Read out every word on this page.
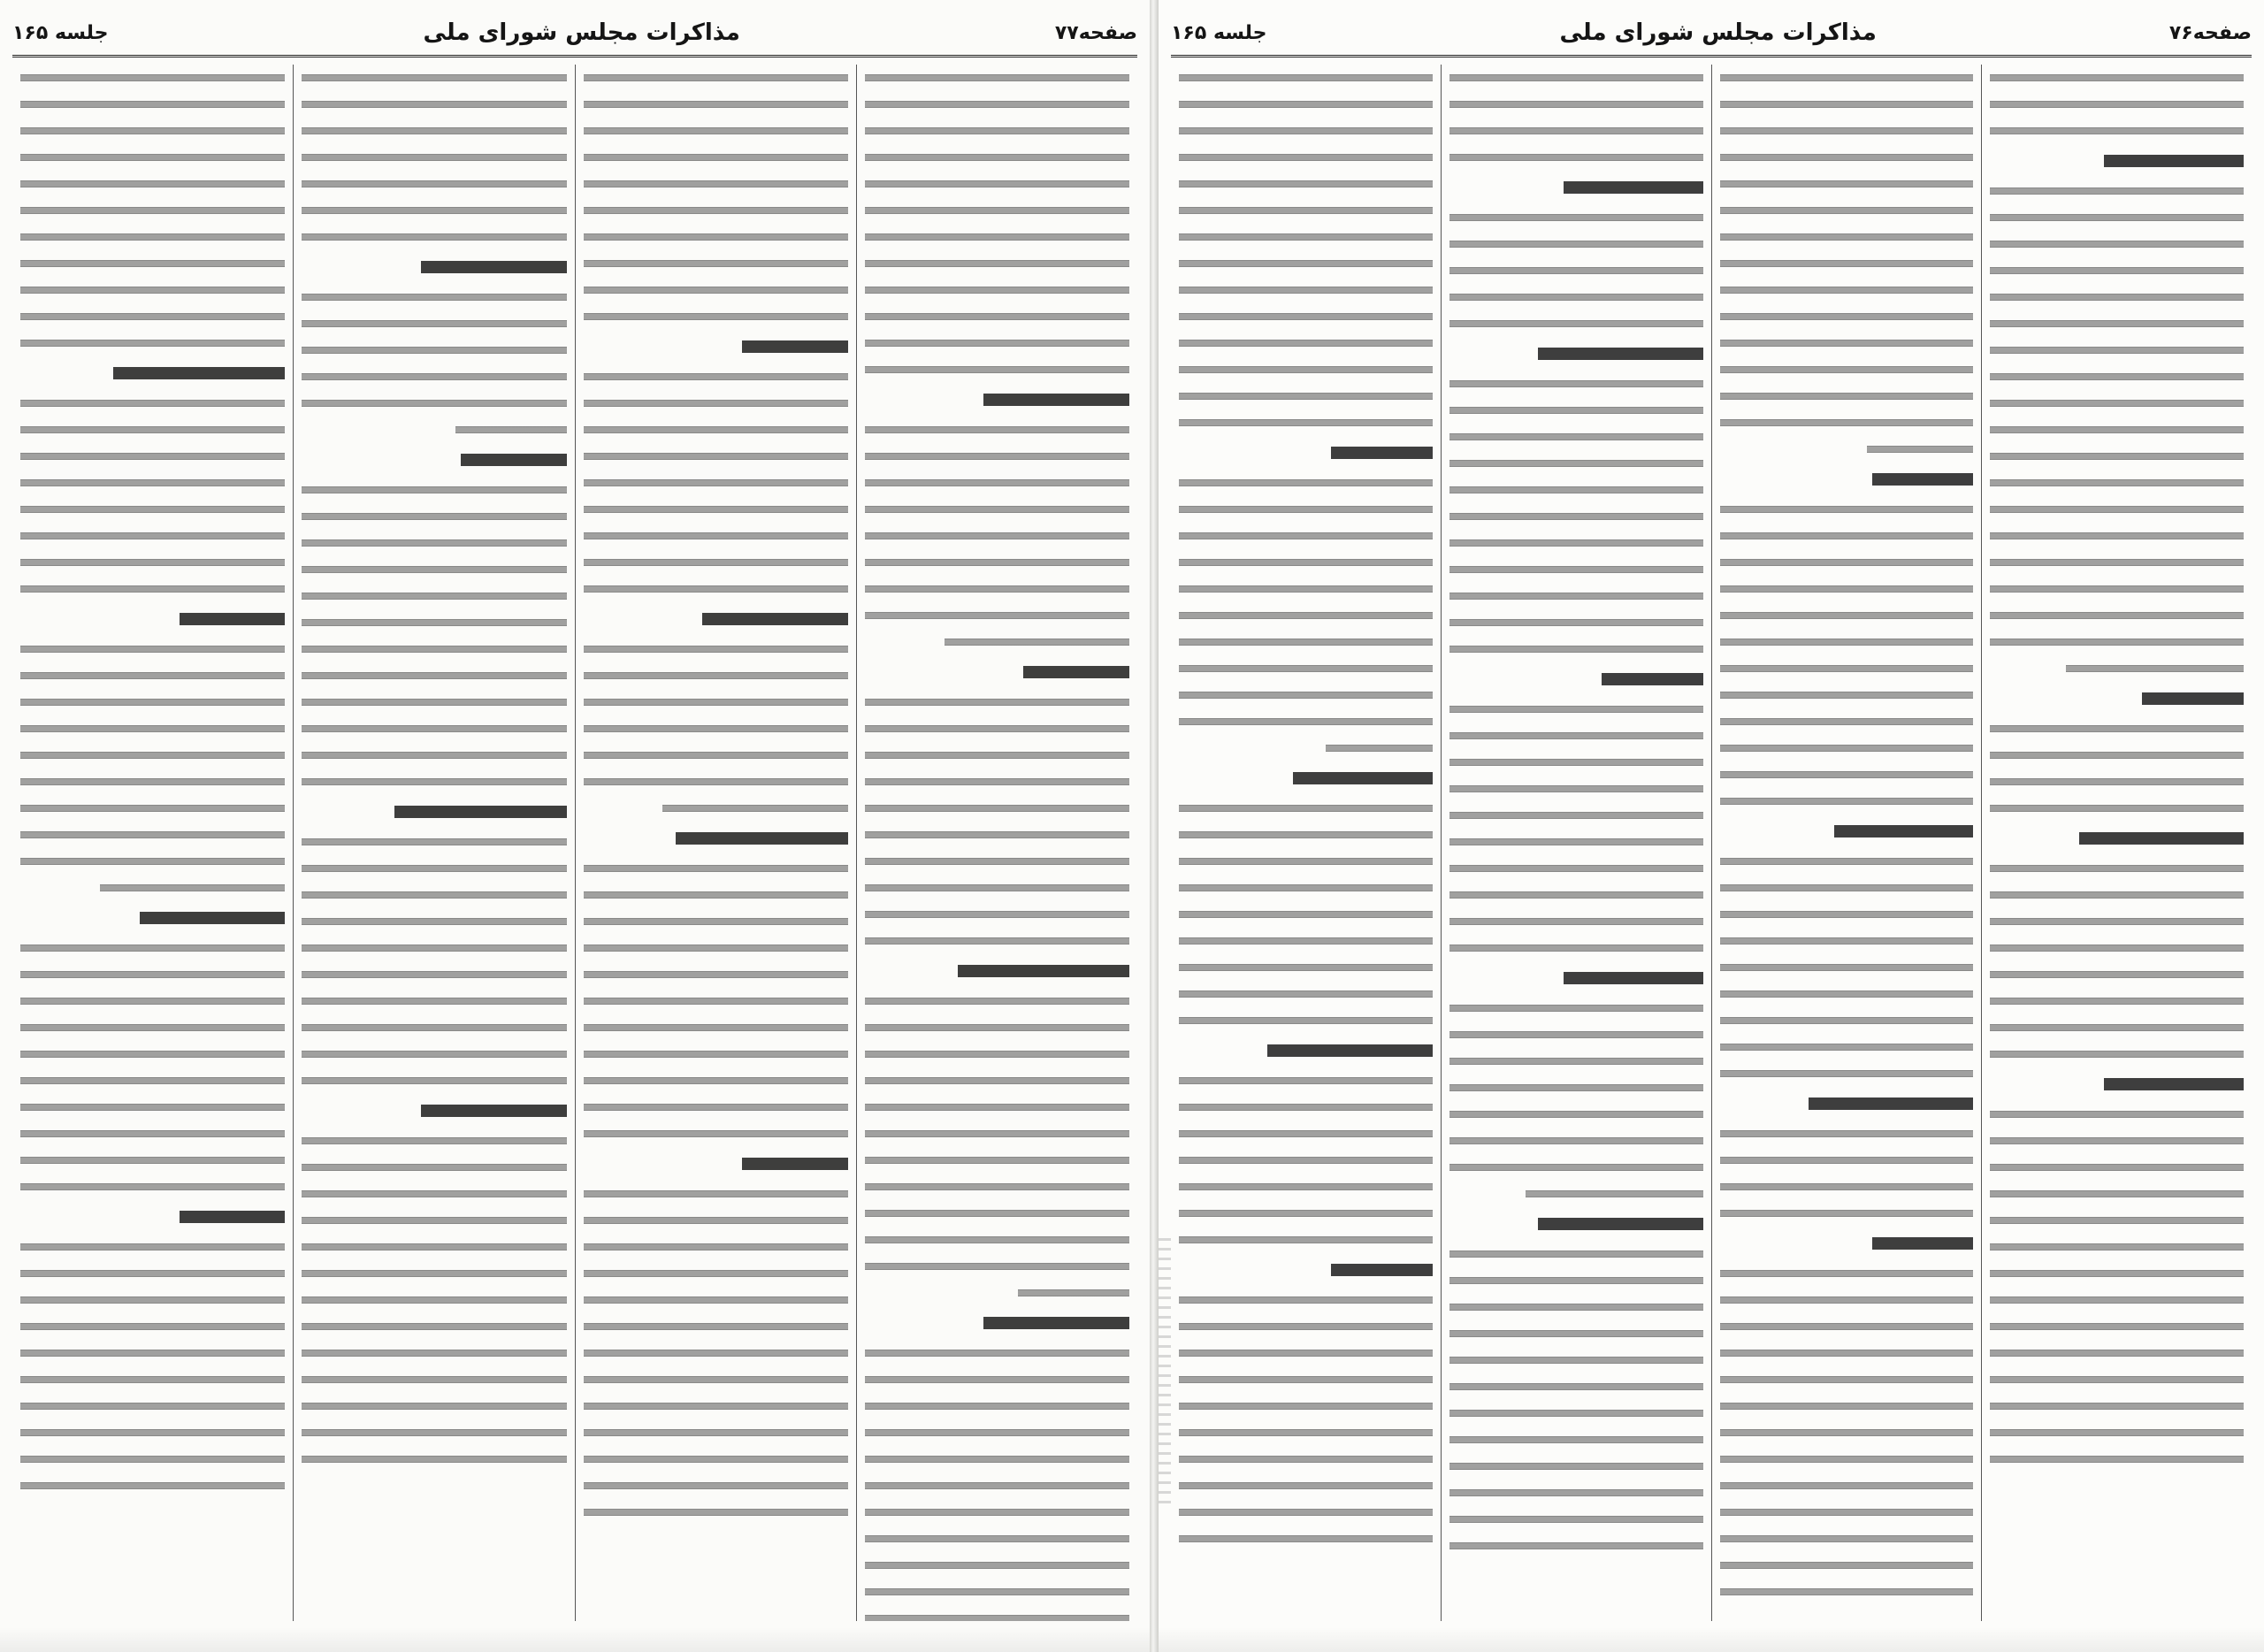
صفحه۷۷
مذاکرات مجلس شورای ملی
جلسه ۱۶۵	صفحه۷۶
مذاکرات مجلس شورای ملی
جلسه ۱۶۵
